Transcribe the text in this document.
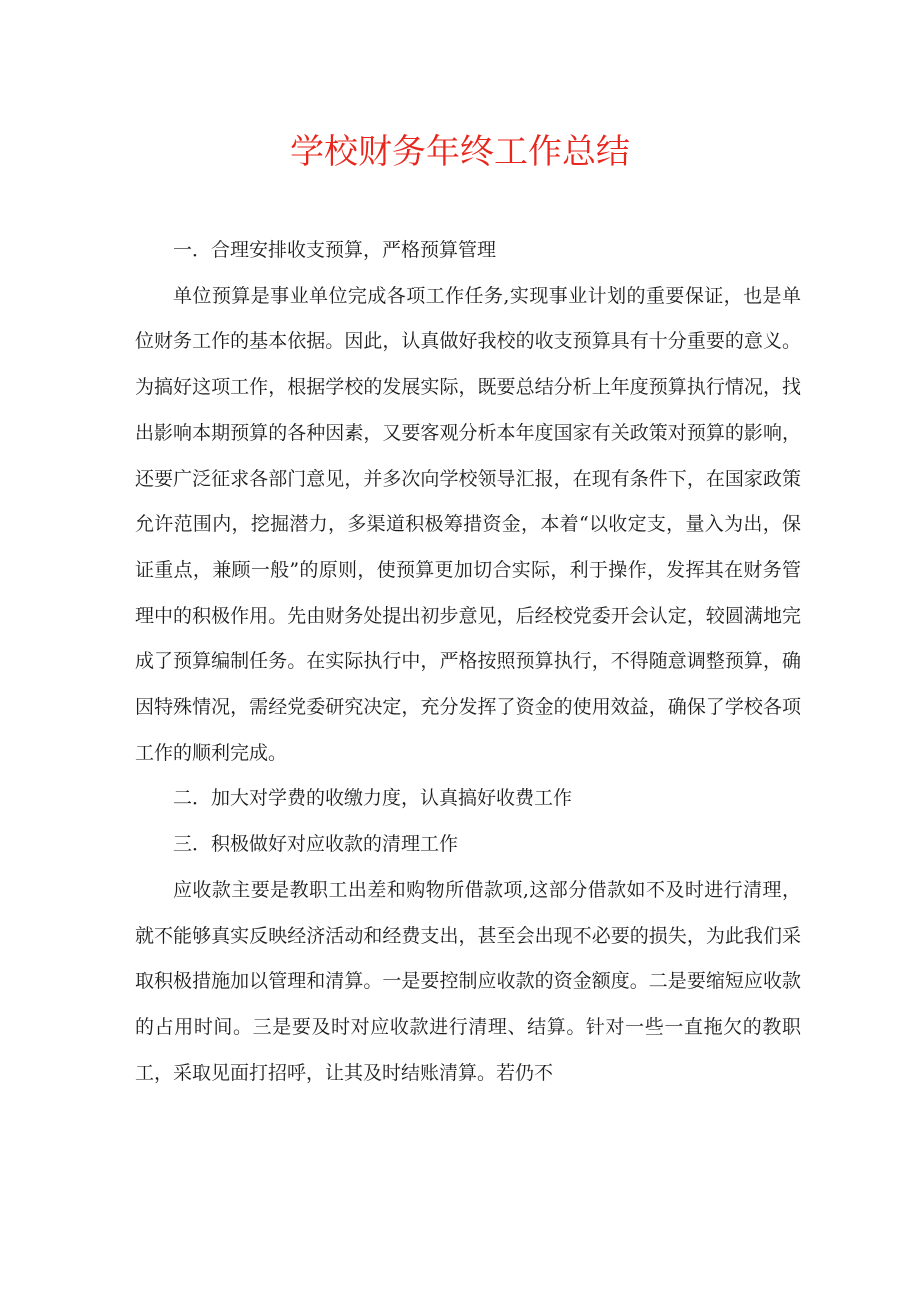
学校财务年终工作总结

一．合理安排收支预算，严格预算管理

单位预算是事业单位完成各项工作任务,实现事业计划的重要保证，也是单位财务工作的基本依据。因此，认真做好我校的收支预算具有十分重要的意义。为搞好这项工作，根据学校的发展实际，既要总结分析上年度预算执行情况，找出影响本期预算的各种因素，又要客观分析本年度国家有关政策对预算的影响，还要广泛征求各部门意见，并多次向学校领导汇报，在现有条件下，在国家政策允许范围内，挖掘潜力，多渠道积极筹措资金，本着“以收定支，量入为出，保证重点，兼顾一般”的原则，使预算更加切合实际，利于操作，发挥其在财务管理中的积极作用。先由财务处提出初步意见，后经校党委开会认定，较圆满地完成了预算编制任务。在实际执行中，严格按照预算执行，不得随意调整预算，确因特殊情况，需经党委研究决定，充分发挥了资金的使用效益，确保了学校各项工作的顺利完成。

二．加大对学费的收缴力度，认真搞好收费工作

三．积极做好对应收款的清理工作

应收款主要是教职工出差和购物所借款项,这部分借款如不及时进行清理，就不能够真实反映经济活动和经费支出，甚至会出现不必要的损失，为此我们采取积极措施加以管理和清算。一是要控制应收款的资金额度。二是要缩短应收款的占用时间。三是要及时对应收款进行清理、结算。针对一些一直拖欠的教职工，采取见面打招呼，让其及时结账清算。若仍不
